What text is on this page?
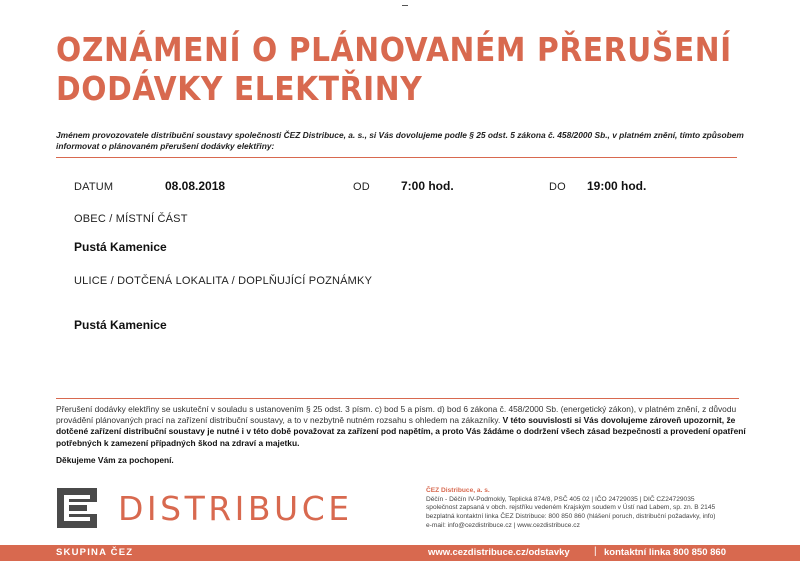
OZNÁMENÍ O PLÁNOVANÉM PŘERUŠENÍ
DODÁVKY ELEKTŘINY

Jménem provozovatele distribuční soustavy společnosti ČEZ Distribuce, a. s., si Vás dovolujeme podle § 25 odst. 5 zákona č. 458/2000 Sb., v platném znění, tímto způsobem informovat o plánovaném přerušení dodávky elektřiny:

DATUM	08.08.2018	OD	7:00 hod.	DO 19:00 hod.
OBEC / MÍSTNÍ ČÁST
Pustá Kamenice
ULICE / DOTČENÁ LOKALITA / DOPLŇUJÍCÍ POZNÁMKY
Pustá Kamenice

Přerušení dodávky elektřiny se uskuteční v souladu s ustanovením § 25 odst. 3 písm. c) bod 5 a písm. d) bod 6 zákona č. 458/2000 Sb. (energetický zákon), v platném znění, z důvodu provádění plánovaných prací na zařízení distribuční soustavy, a to v nezbytně nutném rozsahu s ohledem na zákazníky. V této souvislosti si Vás dovolujeme zároveň upozornit, že dotčené zařízení distribuční soustavy je nutné i v této době považovat za zařízení pod napětím, a proto Vás žádáme o dodržení všech zásad bezpečnosti a provedení opatření potřebných k zamezení případných škod na zdraví a majetku.

Děkujeme Vám za pochopení.

DISTRIBUCE	ČEZ Distribuce, a. s.
Děčín - Děčín IV-Podmokly, Teplická 874/8, PSČ 405 02 | IČO 24729035 | DIČ CZ24729035
společnost zapsaná v obch. rejstříku vedeném Krajským soudem v Ústí nad Labem, sp. zn. B 2145
bezplatná kontaktní linka ČEZ Distribuce: 800 850 860 (hlášení poruch, distribuční požadavky, info)
e-mail: info@cezdistribuce.cz | www.cezdistribuce.cz
SKUPINA ČEZ	www.cezdistribuce.cz/odstavky | kontaktní linka 800 850 860
